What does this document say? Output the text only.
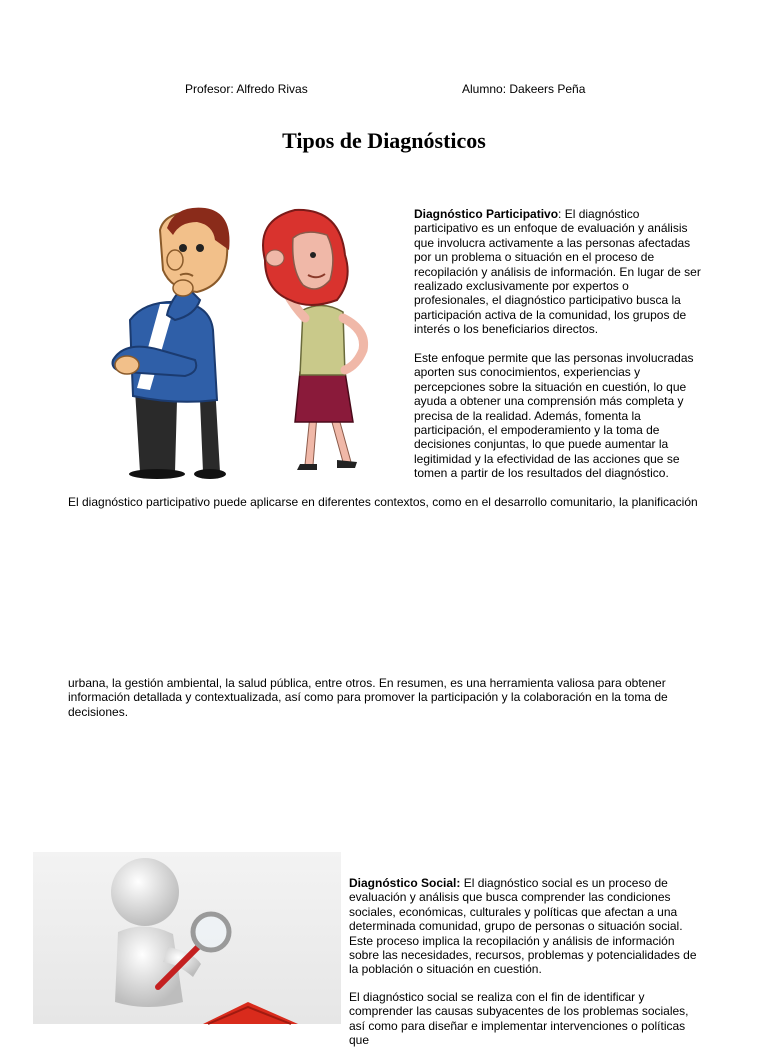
Profesor: Alfredo Rivas	Alumno: Dakeers Peña
Tipos de Diagnósticos

Diagnóstico Participativo: El diagnóstico participativo es un enfoque de evaluación y análisis que involucra activamente a las personas afectadas por un problema o situación en el proceso de recopilación y análisis de información. En lugar de ser realizado exclusivamente por expertos o profesionales, el diagnóstico participativo busca la participación activa de la comunidad, los grupos de interés o los beneficiarios directos.

Este enfoque permite que las personas involucradas aporten sus conocimientos, experiencias y percepciones sobre la situación en cuestión, lo que ayuda a obtener una comprensión más completa y precisa de la realidad. Además, fomenta la participación, el empoderamiento y la toma de decisiones conjuntas, lo que puede aumentar la legitimidad y la efectividad de las acciones que se tomen a partir de los resultados del diagnóstico.

El diagnóstico participativo puede aplicarse en diferentes contextos, como en el desarrollo comunitario, la planificación

urbana, la gestión ambiental, la salud pública, entre otros. En resumen, es una herramienta valiosa para obtener información detallada y contextualizada, así como para promover la participación y la colaboración en la toma de decisiones.

Diagnóstico Social: El diagnóstico social es un proceso de evaluación y análisis que busca comprender las condiciones sociales, económicas, culturales y políticas que afectan a una determinada comunidad, grupo de personas o situación social. Este proceso implica la recopilación y análisis de información sobre las necesidades, recursos, problemas y potencialidades de la población o situación en cuestión.

El diagnóstico social se realiza con el fin de identificar y comprender las causas subyacentes de los problemas sociales, así como para diseñar e implementar intervenciones o políticas que
